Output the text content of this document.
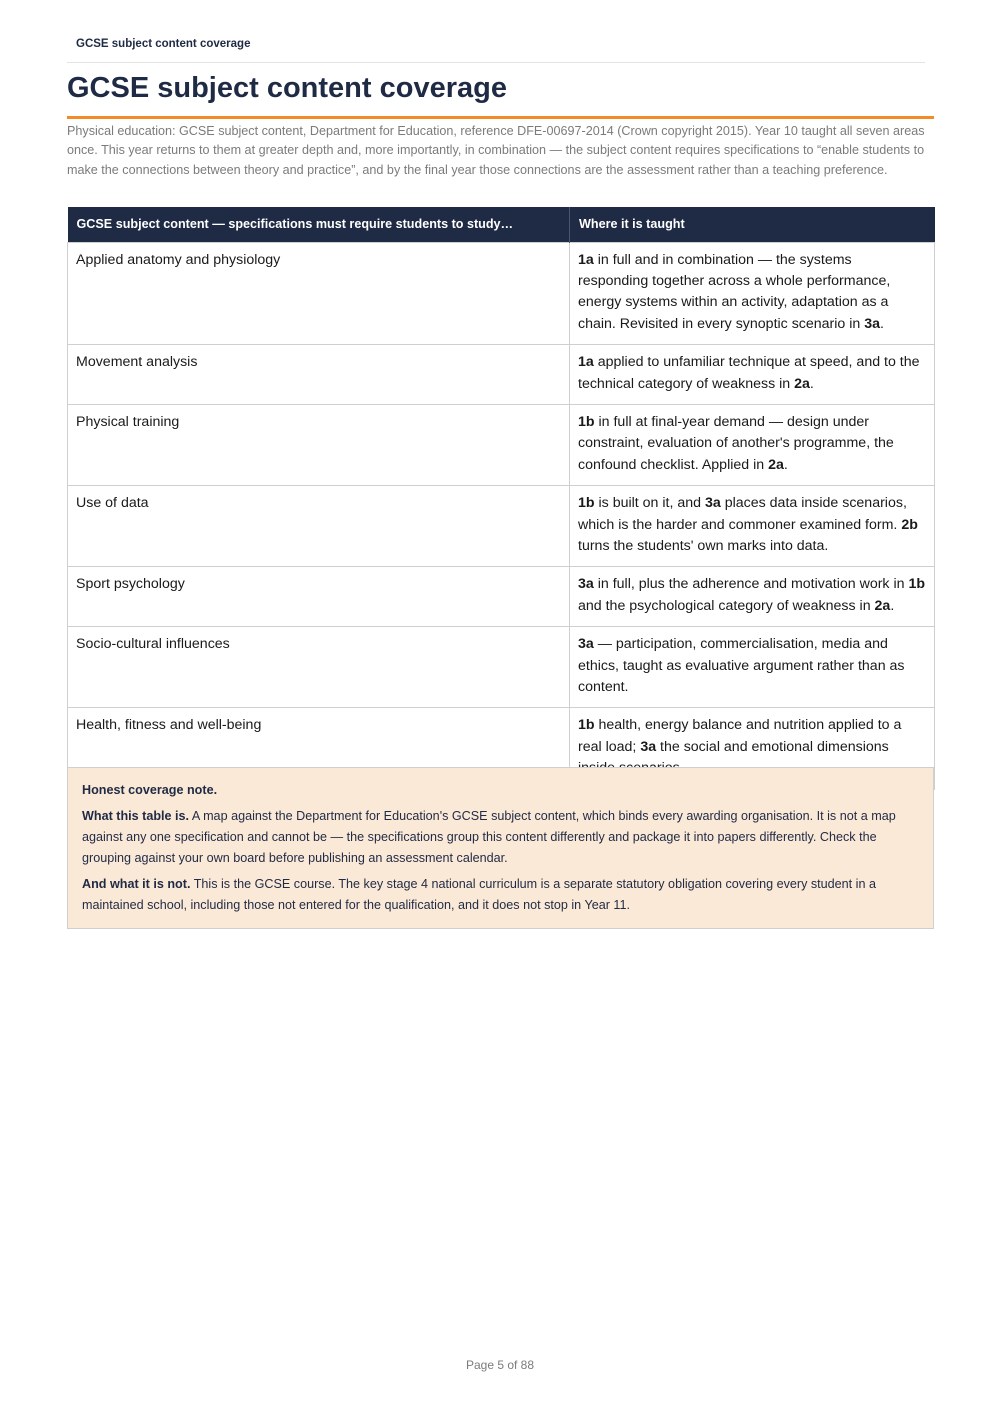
GCSE subject content coverage
GCSE subject content coverage

Physical education: GCSE subject content, Department for Education, reference DFE-00697-2014 (Crown copyright 2015). Year 10 taught all seven areas once. This year returns to them at greater depth and, more importantly, in combination — the subject content requires specifications to “enable students to make the connections between theory and practice”, and by the final year those connections are the assessment rather than a teaching preference.

GCSE subject content — specifications must require students to study…	Where it is taught
Applied anatomy and physiology	1a in full and in combination — the systems responding together across a whole performance, energy systems within an activity, adaptation as a chain. Revisited in every synoptic scenario in 3a.
Movement analysis	1a applied to unfamiliar technique at speed, and to the technical category of weakness in 2a.
Physical training	1b in full at final-year demand — design under constraint, evaluation of another's programme, the confound checklist. Applied in 2a.
Use of data	1b is built on it, and 3a places data inside scenarios, which is the harder and commoner examined form. 2b turns the students' own marks into data.
Sport psychology	3a in full, plus the adherence and motivation work in 1b and the psychological category of weakness in 2a.
Socio-cultural influences	3a — participation, commercialisation, media and ethics, taught as evaluative argument rather than as content.
Health, fitness and well-being	1b health, energy balance and nutrition applied to a real load; 3a the social and emotional dimensions

Honest coverage note.

What this table is. A map against the Department for Education's GCSE subject content, which binds every awarding organisation. It is not a map against any one specification and cannot be — the specifications group this content differently and package it into papers differently. Check the grouping against your own board before publishing an assessment calendar.

And what it is not. This is the GCSE course. The key stage 4 national curriculum is a separate statutory obligation covering every student in a maintained school, including those not entered for the qualification, and it does not stop in Year 11.

Page 5 of 88
